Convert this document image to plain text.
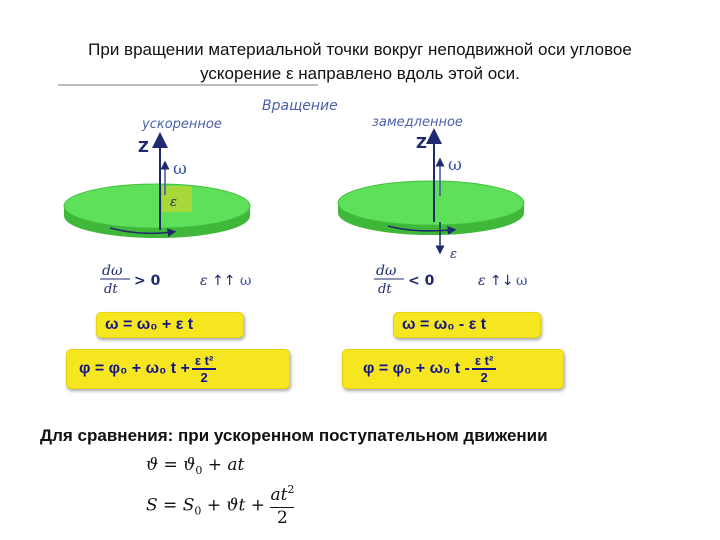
При вращении материальной точки вокруг неподвижной оси угловое
ускорение ε направлено вдоль этой оси.
Вращение
ускоренное	замедленное
Z
ω
ε
Z
ω
ε
dω
dt
> 0	ε ↑↑ ω
dω
dt
< 0	ε ↑↓ ω
ω = ω₀ + ε t	ω = ω₀ - ε t
φ = φ₀ + ω₀ t + ε t²
2
φ = φ₀ + ω₀ t - ε t²
2
Для сравнения: при ускоренном поступательном движении
$ϑ = ϑ_0$ + at
$S = S_0 + ϑt + \frac{at^2}{2}$
